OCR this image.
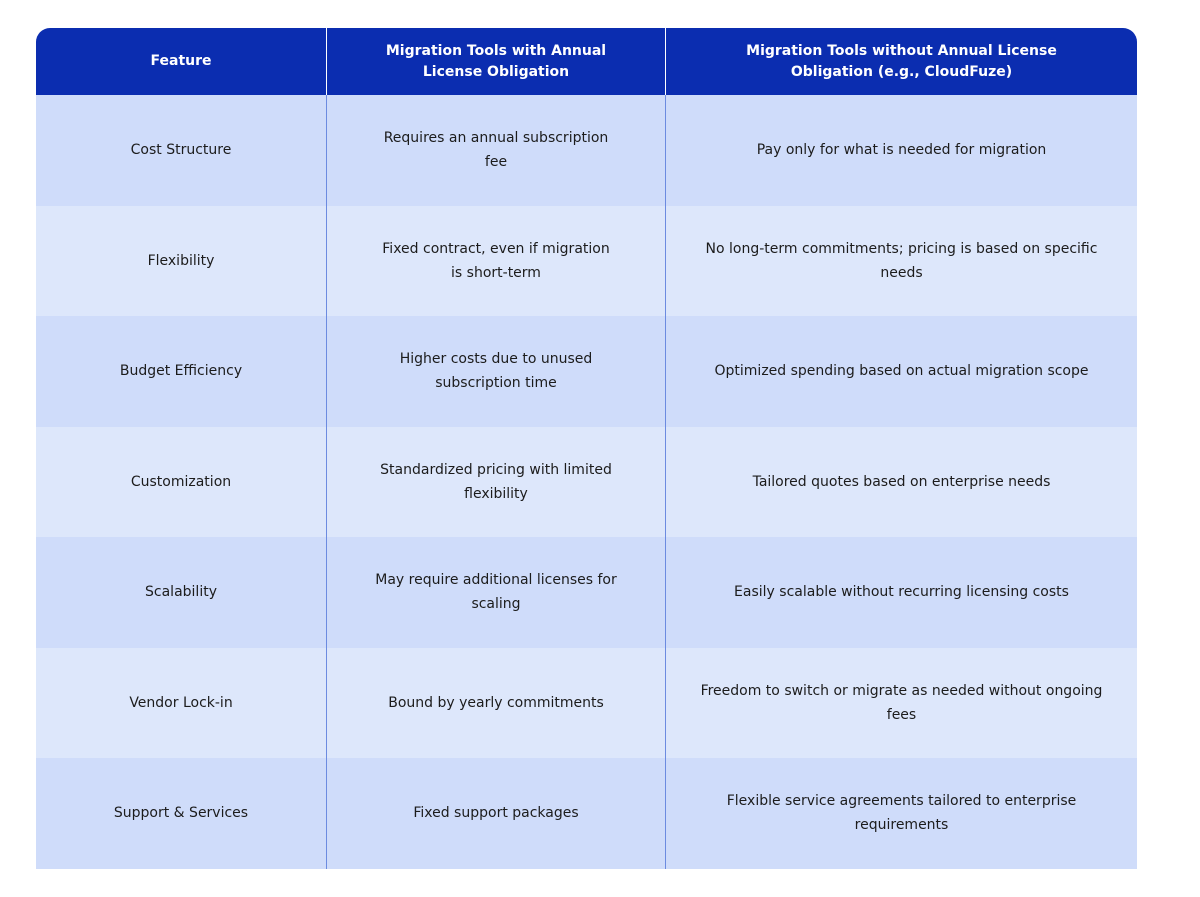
Feature
Migration Tools with Annual License Obligation
Migration Tools without Annual License Obligation (e.g., CloudFuze)
Cost Structure
Requires an annual subscription fee
Pay only for what is needed for migration
Flexibility
Fixed contract, even if migration is short-term
No long-term commitments; pricing is based on specific needs
Budget Efficiency
Higher costs due to unused subscription time
Optimized spending based on actual migration scope
Customization
Standardized pricing with limited flexibility
Tailored quotes based on enterprise needs
Scalability
May require additional licenses for scaling
Easily scalable without recurring licensing costs
Vendor Lock-in	Bound by yearly commitments
Freedom to switch or migrate as needed without ongoing fees
Support & Services	Fixed support packages
Flexible service agreements tailored to enterprise requirements
